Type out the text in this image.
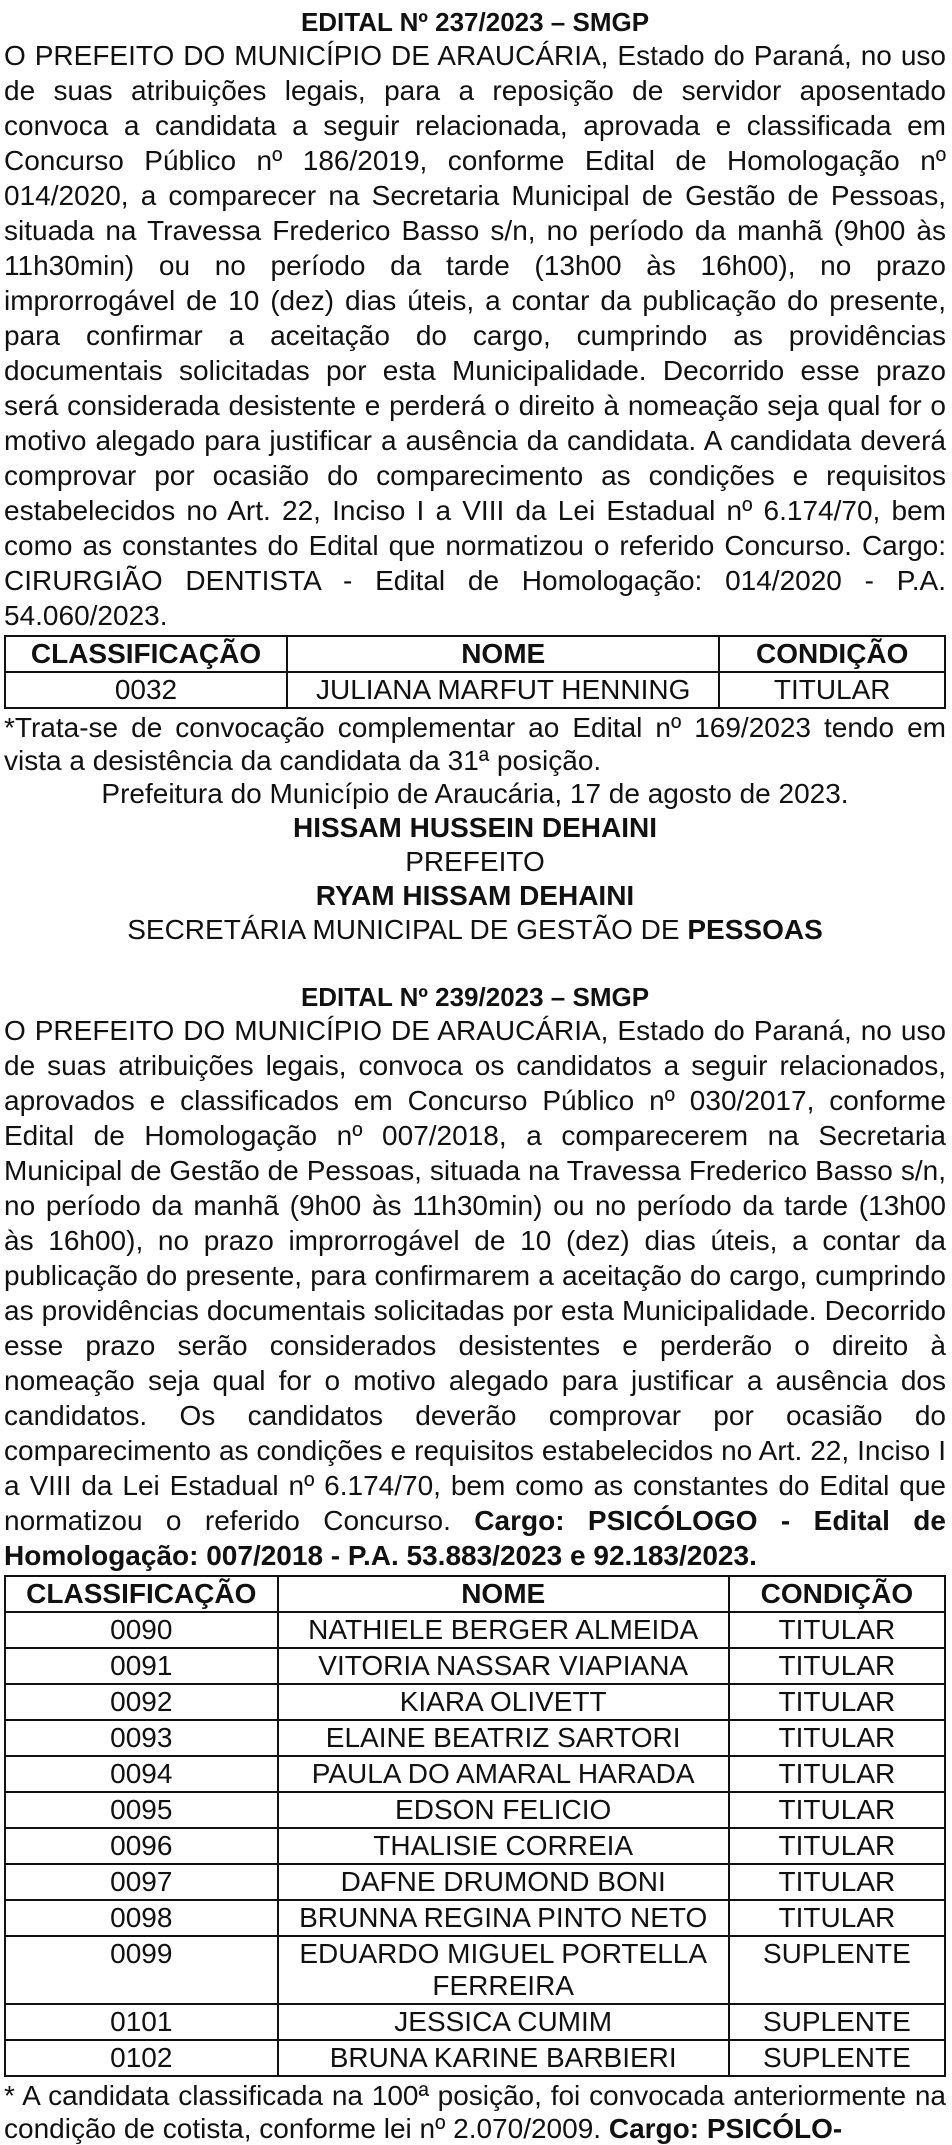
EDITAL Nº 237/2023 – SMGP

O PREFEITO DO MUNICÍPIO DE ARAUCÁRIA, Estado do Paraná, no uso de suas atribuições legais, para a reposição de servidor aposentado convoca a candidata a seguir relacionada, aprovada e classificada em Concurso Público nº 186/2019, conforme Edital de Homologação nº 014/2020, a comparecer na Secretaria Municipal de Gestão de Pessoas, situada na Travessa Frederico Basso s/n, no período da manhã (9h00 às 11h30min) ou no período da tarde (13h00 às 16h00), no prazo improrrogável de 10 (dez) dias úteis, a contar da publicação do presente, para confirmar a aceitação do cargo, cumprindo as providências documentais solicitadas por esta Municipalidade. Decorrido esse prazo será considerada desistente e perderá o direito à nomeação seja qual for o motivo alegado para justificar a ausência da candidata. A candidata deverá comprovar por ocasião do comparecimento as condições e requisitos estabelecidos no Art. 22, Inciso I a VIII da Lei Estadual nº 6.174/70, bem como as constantes do Edital que normatizou o referido Concurso. Cargo: CIRURGIÃO DENTISTA - Edital de Homologação: 014/2020 - P.A. 54.060/2023.

CLASSIFICAÇÃO	NOME	CONDIÇÃO
0032	JULIANA MARFUT HENNING	TITULAR

*Trata-se de convocação complementar ao Edital nº 169/2023 tendo em vista a desistência da candidata da 31ª posição.

Prefeitura do Município de Araucária, 17 de agosto de 2023.
HISSAM HUSSEIN DEHAINI
PREFEITO
RYAM HISSAM DEHAINI
SECRETÁRIA MUNICIPAL DE GESTÃO DE PESSOAS
EDITAL Nº 239/2023 – SMGP

O PREFEITO DO MUNICÍPIO DE ARAUCÁRIA, Estado do Paraná, no uso de suas atribuições legais, convoca os candidatos a seguir relacionados, aprovados e classificados em Concurso Público nº 030/2017, conforme Edital de Homologação nº 007/2018, a comparecerem na Secretaria Municipal de Gestão de Pessoas, situada na Travessa Frederico Basso s/n, no período da manhã (9h00 às 11h30min) ou no período da tarde (13h00 às 16h00), no prazo improrrogável de 10 (dez) dias úteis, a contar da publicação do presente, para confirmarem a aceitação do cargo, cumprindo as providências documentais solicitadas por esta Municipalidade. Decorrido esse prazo serão considerados desistentes e perderão o direito à nomeação seja qual for o motivo alegado para justificar a ausência dos candidatos. Os candidatos deverão comprovar por ocasião do comparecimento as condições e requisitos estabelecidos no Art. 22, Inciso I a VIII da Lei Estadual nº 6.174/70, bem como as constantes do Edital que normatizou o referido Concurso. Cargo: PSICÓLOGO - Edital de Homologação: 007/2018 - P.A. 53.883/2023 e 92.183/2023.

CLASSIFICAÇÃO	NOME	CONDIÇÃO
0090	NATHIELE BERGER ALMEIDA	TITULAR
0091	VITORIA NASSAR VIAPIANA	TITULAR
0092	KIARA OLIVETT	TITULAR
0093	ELAINE BEATRIZ SARTORI	TITULAR
0094	PAULA DO AMARAL HARADA	TITULAR
0095	EDSON FELICIO	TITULAR
0096	THALISIE CORREIA	TITULAR
0097	DAFNE DRUMOND BONI	TITULAR
0098	BRUNNA REGINA PINTO NETO	TITULAR
0099	EDUARDO MIGUEL PORTELLA FERREIRA	SUPLENTE
0101	JESSICA CUMIM	SUPLENTE
0102	BRUNA KARINE BARBIERI	SUPLENTE

* A candidata classificada na 100ª posição, foi convocada anteriormente na condição de cotista, conforme lei nº 2.070/2009. Cargo: PSICÓLO-
